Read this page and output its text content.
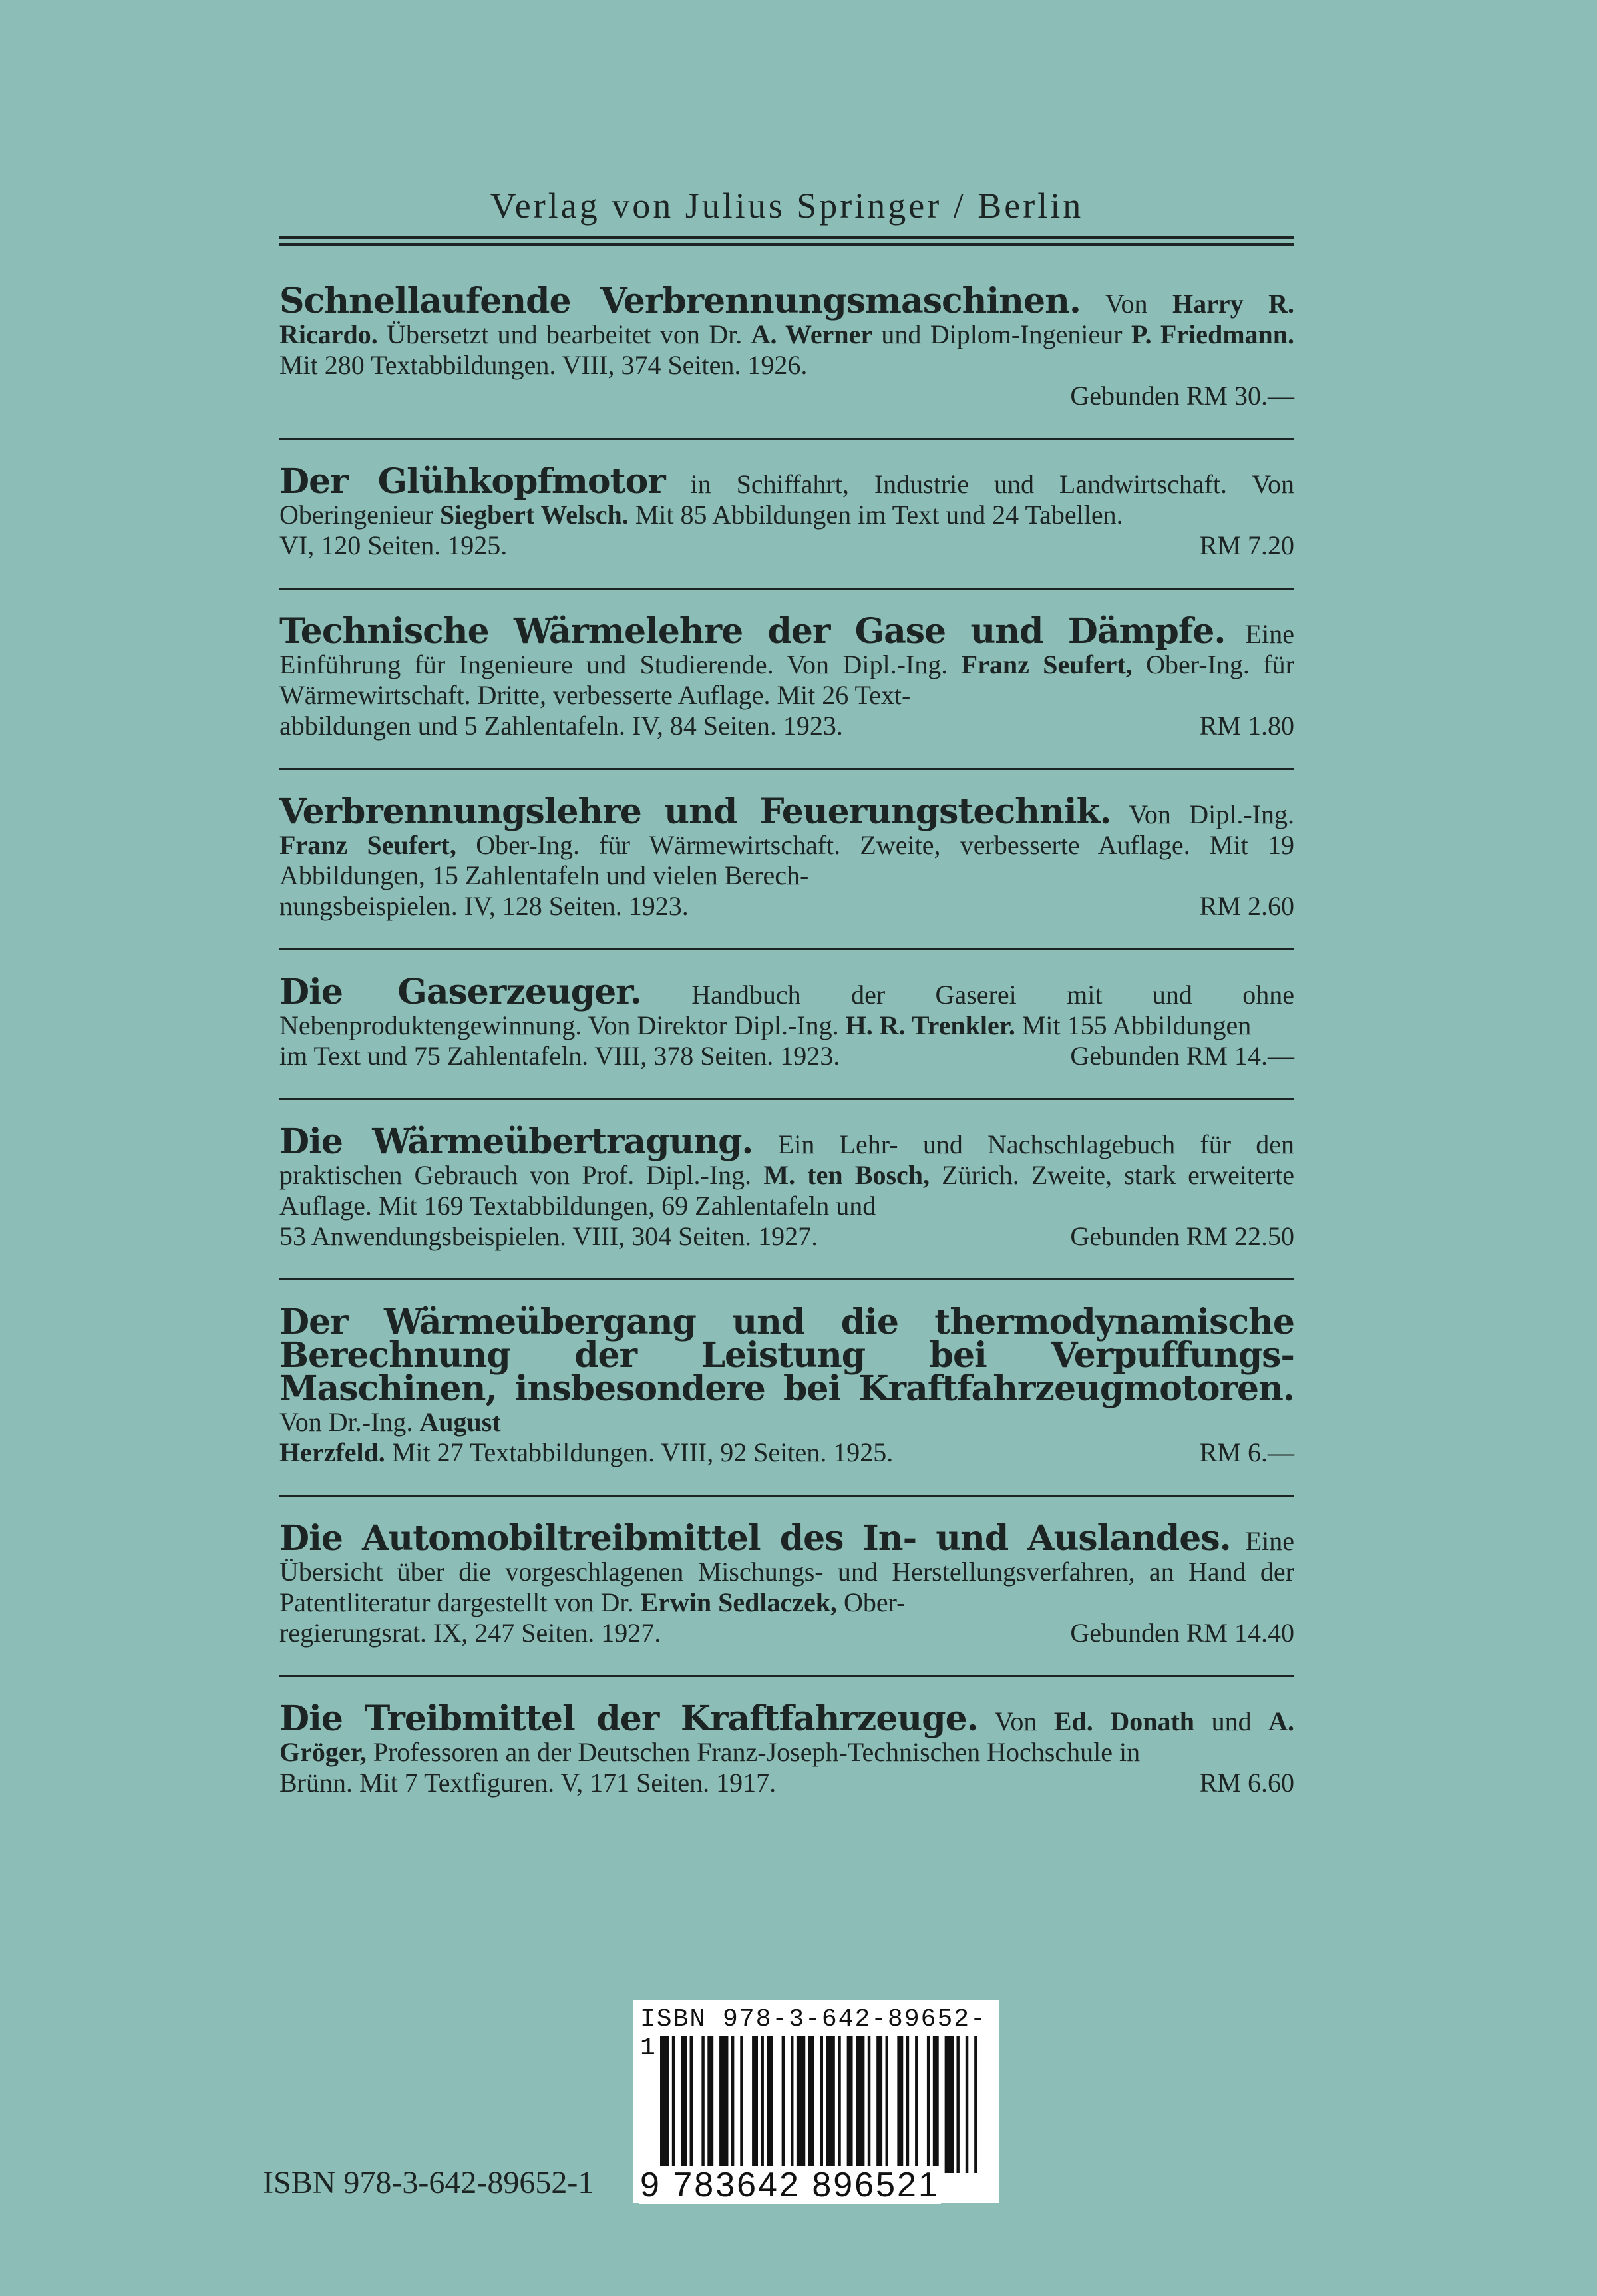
Verlag von Julius Springer / Berlin

Schnellaufende Verbrennungsmaschinen. Von Harry R. Ricardo. Übersetzt und bearbeitet von Dr. A. Werner und Diplom-Ingenieur P. Friedmann. Mit 280 Textabbildungen. VIII, 374 Seiten. 1926.

Gebunden RM 30.—

Der Glühkopfmotor in Schiffahrt, Industrie und Landwirtschaft. Von Oberingenieur Siegbert Welsch. Mit 85 Abbildungen im Text und 24 Tabellen.

VI, 120 Seiten. 1925.	RM 7.20

Technische Wärmelehre der Gase und Dämpfe. Eine Einführung für Ingenieure und Studierende. Von Dipl.-Ing. Franz Seufert, Ober-Ing. für Wärmewirtschaft. Dritte, verbesserte Auflage. Mit 26 Text-

abbildungen und 5 Zahlentafeln. IV, 84 Seiten. 1923.	RM 1.80

Verbrennungslehre und Feuerungstechnik. Von Dipl.-Ing. Franz Seufert, Ober-Ing. für Wärmewirtschaft. Zweite, verbesserte Auflage. Mit 19 Abbildungen, 15 Zahlentafeln und vielen Berech-

nungsbeispielen. IV, 128 Seiten. 1923.	RM 2.60

Die Gaserzeuger. Handbuch der Gaserei mit und ohne Nebenproduktengewinnung. Von Direktor Dipl.-Ing. H. R. Trenkler. Mit 155 Abbildungen

im Text und 75 Zahlentafeln. VIII, 378 Seiten. 1923.	Gebunden RM 14.—

Die Wärmeübertragung. Ein Lehr- und Nachschlagebuch für den praktischen Gebrauch von Prof. Dipl.-Ing. M. ten Bosch, Zürich. Zweite, stark erweiterte Auflage. Mit 169 Textabbildungen, 69 Zahlentafeln und

53 Anwendungsbeispielen. VIII, 304 Seiten. 1927.	Gebunden RM 22.50

Der Wärmeübergang und die thermodynamische Berechnung der Leistung bei Verpuffungs-Maschinen, insbesondere bei Kraftfahrzeugmotoren. Von Dr.-Ing. August

Herzfeld. Mit 27 Textabbildungen. VIII, 92 Seiten. 1925.	RM 6.—

Die Automobiltreibmittel des In- und Auslandes. Eine Übersicht über die vorgeschlagenen Mischungs- und Herstellungsverfahren, an Hand der Patentliteratur dargestellt von Dr. Erwin Sedlaczek, Ober-

regierungsrat. IX, 247 Seiten. 1927.	Gebunden RM 14.40

Die Treibmittel der Kraftfahrzeuge. Von Ed. Donath und A. Gröger, Professoren an der Deutschen Franz-Joseph-Technischen Hochschule in

Brünn. Mit 7 Textfiguren. V, 171 Seiten. 1917.	RM 6.60
ISBN 978-3-642-89652-1
ISBN 978-3-642-89652-1
9 783642 896521
